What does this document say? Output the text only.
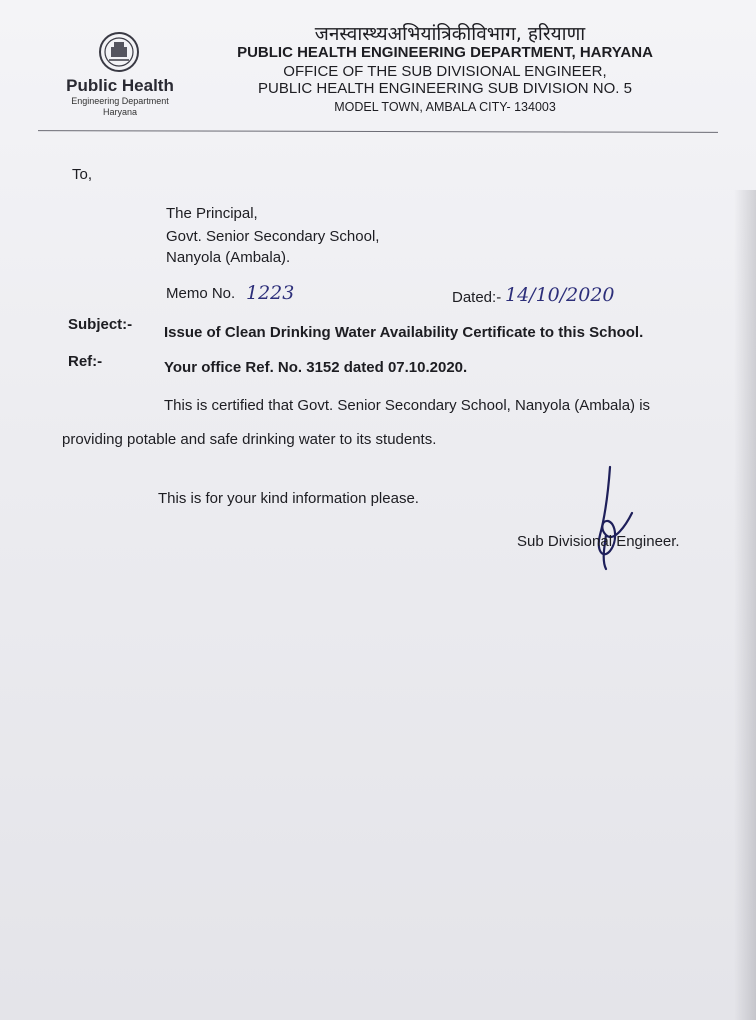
Public Health
Engineering Department
Haryana
जनस्वास्थ्यअभियांत्रिकीविभाग, हरियाणा
PUBLIC HEALTH ENGINEERING DEPARTMENT, HARYANA
OFFICE OF THE SUB DIVISIONAL ENGINEER,
PUBLIC HEALTH ENGINEERING SUB DIVISION NO. 5
MODEL TOWN, AMBALA CITY- 134003
To,
The Principal,
Govt. Senior Secondary School,
Nanyola (Ambala).
Memo No. 1223	Dated:- 14/10/2020
Subject:- Issue of Clean Drinking Water Availability Certificate to this School.
Ref:-	Your office Ref. No. 3152 dated 07.10.2020.
This is certified that Govt. Senior Secondary School, Nanyola (Ambala) is
providing potable and safe drinking water to its students.
This is for your kind information please.
Sub Divisional Engineer.
